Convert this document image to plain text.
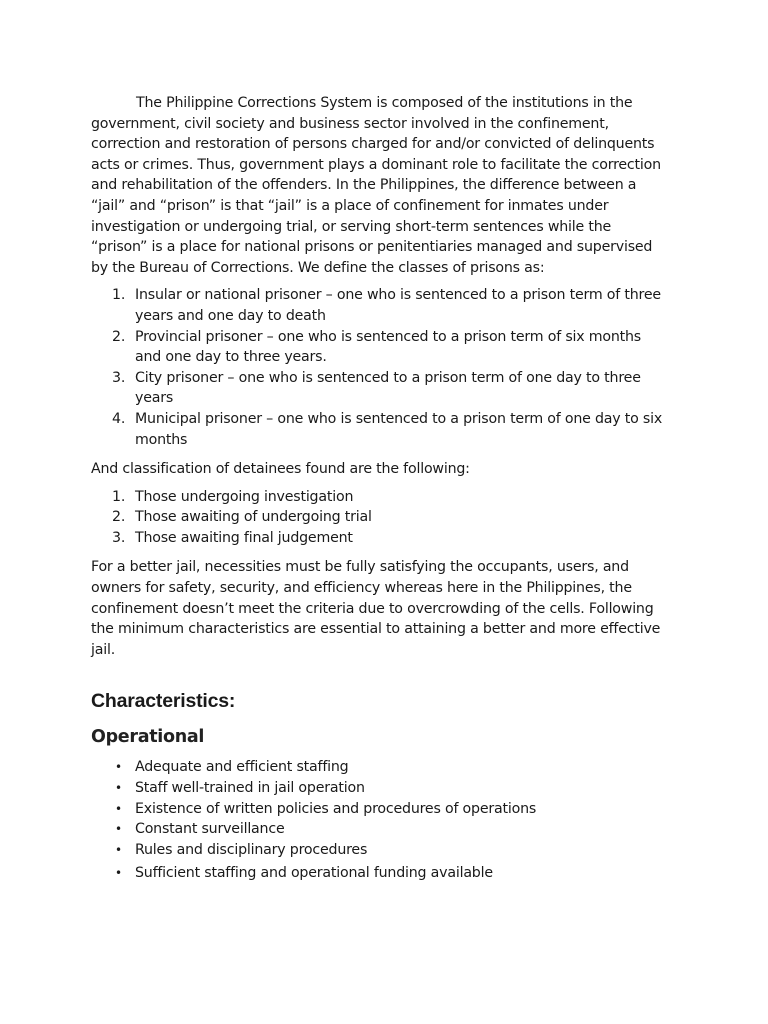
The Philippine Corrections System is composed of the institutions in the government, civil society and business sector involved in the confinement, correction and restoration of persons charged for and/or convicted of delinquents acts or crimes. Thus, government plays a dominant role to facilitate the correction and rehabilitation of the offenders. In the Philippines, the difference between a “jail” and “prison” is that “jail” is a place of confinement for inmates under investigation or undergoing trial, or serving short-term sentences while the “prison” is a place for national prisons or penitentiaries managed and supervised by the Bureau of Corrections. We define the classes of prisons as:

1. Insular or national prisoner – one who is sentenced to a prison term of three years and one day to death
2. Provincial prisoner – one who is sentenced to a prison term of six months and one day to three years.
3. City prisoner – one who is sentenced to a prison term of one day to three years
4. Municipal prisoner – one who is sentenced to a prison term of one day to six months

And classification of detainees found are the following:

1. Those undergoing investigation
2. Those awaiting of undergoing trial
3. Those awaiting final judgement

For a better jail, necessities must be fully satisfying the occupants, users, and owners for safety, security, and efficiency whereas here in the Philippines, the confinement doesn’t meet the criteria due to overcrowding of the cells. Following the minimum characteristics are essential to attaining a better and more effective jail.

Characteristics:
Operational
• Adequate and efficient staffing
• Staff well-trained in jail operation
• Existence of written policies and procedures of operations
• Constant surveillance
• Rules and disciplinary procedures
• Sufficient staffing and operational funding available
